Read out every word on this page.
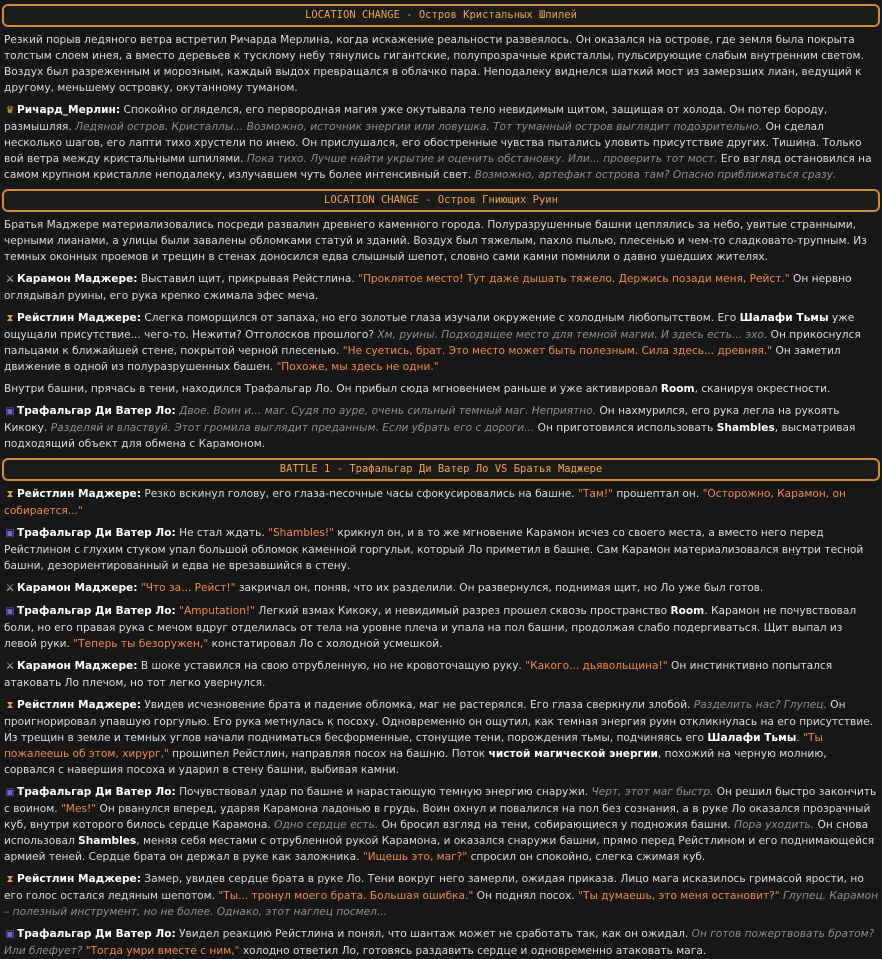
LOCATION CHANGE - Остров Кристальных Шпилей
Резкий порыв ледяного ветра встретил Ричарда Мерлина, когда искажение реальности развеялось. Он оказался на острове, где земля была покрыта толстым слоем инея, а вместо деревьев к тусклому небу тянулись гигантские, полупрозрачные кристаллы, пульсирующие слабым внутренним светом. Воздух был разреженным и морозным, каждый выдох превращался в облачко пара. Неподалеку виднелся шаткий мост из замерзших лиан, ведущий к другому, меньшему островку, окутанному туманом.
♛ Ричард_Мерлин: Спокойно огляделся, его первородная магия уже окутывала тело невидимым щитом, защищая от холода. Он потер бороду, размышляя. Ледяной остров. Кристаллы... Возможно, источник энергии или ловушка. Тот туманный остров выглядит подозрительно. Он сделал несколько шагов, его лапти тихо хрустели по инею. Он прислушался, его обостренные чувства пытались уловить присутствие других. Тишина. Только вой ветра между кристальными шпилями. Пока тихо. Лучше найти укрытие и оценить обстановку. Или... проверить тот мост. Его взгляд остановился на самом крупном кристалле неподалеку, излучавшем чуть более интенсивный свет. Возможно, артефакт острова там? Опасно приближаться сразу.
LOCATION CHANGE - Остров Гниющих Руин
Братья Маджере материализовались посреди развалин древнего каменного города. Полуразрушенные башни цеплялись за небо, увитые странными, черными лианами, а улицы были завалены обломками статуй и зданий. Воздух был тяжелым, пахло пылью, плесенью и чем-то сладковато-трупным. Из темных оконных проемов и трещин в стенах доносился едва слышный шепот, словно сами камни помнили о давно ушедших жителях.
⚔ Карамон Маджере: Выставил щит, прикрывая Рейстлина. "Проклятое место! Тут даже дышать тяжело. Держись позади меня, Рейст." Он нервно оглядывал руины, его рука крепко сжимала эфес меча.
⧗ Рейстлин Маджере: Слегка поморщился от запаха, но его золотые глаза изучали окружение с холодным любопытством. Его Шалафи Тьмы уже ощущали присутствие... чего-то. Нежити? Отголосков прошлого? Хм, руины. Подходящее место для темной магии. И здесь есть... эхо. Он прикоснулся пальцами к ближайшей стене, покрытой черной плесенью. "Не суетись, брат. Это место может быть полезным. Сила здесь... древняя." Он заметил движение в одной из полуразрушенных башен. "Похоже, мы здесь не одни."
Внутри башни, прячась в тени, находился Трафальгар Ло. Он прибыл сюда мгновением раньше и уже активировал Room, сканируя окрестности.
▣ Трафальгар Ди Ватер Ло: Двое. Воин и... маг. Судя по ауре, очень сильный темный маг. Неприятно. Он нахмурился, его рука легла на рукоять Кикоку. Разделяй и властвуй. Этот громила выглядит преданным. Если убрать его с дороги... Он приготовился использовать Shambles, высматривая подходящий объект для обмена с Карамоном.
BATTLE 1 - Трафальгар Ди Ватер Ло VS Братья Маджере
⧗ Рейстлин Маджере: Резко вскинул голову, его глаза-песочные часы сфокусировались на башне. "Там!" прошептал он. "Осторожно, Карамон, он собирается..."
▣ Трафальгар Ди Ватер Ло: Не стал ждать. "Shambles!" крикнул он, и в то же мгновение Карамон исчез со своего места, а вместо него перед Рейстлином с глухим стуком упал большой обломок каменной горгульи, который Ло приметил в башне. Сам Карамон материализовался внутри тесной башни, дезориентированный и едва не врезавшийся в стену.
⚔ Карамон Маджере: "Что за... Рейст!" закричал он, поняв, что их разделили. Он развернулся, поднимая щит, но Ло уже был готов.
▣ Трафальгар Ди Ватер Ло: "Amputation!" Легкий взмах Кикоку, и невидимый разрез прошел сквозь пространство Room. Карамон не почувствовал боли, но его правая рука с мечом вдруг отделилась от тела на уровне плеча и упала на пол башни, продолжая слабо подергиваться. Щит выпал из левой руки. "Теперь ты безоружен," констатировал Ло с холодной усмешкой.
⚔ Карамон Маджере: В шоке уставился на свою отрубленную, но не кровоточащую руку. "Какого... дьявольщина!" Он инстинктивно попытался атаковать Ло плечом, но тот легко увернулся.
⧗ Рейстлин Маджере: Увидев исчезновение брата и падение обломка, маг не растерялся. Его глаза сверкнули злобой. Разделить нас? Глупец. Он проигнорировал упавшую горгулью. Его рука метнулась к посоху. Одновременно он ощутил, как темная энергия руин откликнулась на его присутствие. Из трещин в земле и темных углов начали подниматься бесформенные, стонущие тени, порождения тьмы, подчиняясь его Шалафи Тьмы. "Ты пожалеешь об этом, хирург," прошипел Рейстлин, направляя посох на башню. Поток чистой магической энергии, похожий на черную молнию, сорвался с навершия посоха и ударил в стену башни, выбивая камни.
▣ Трафальгар Ди Ватер Ло: Почувствовал удар по башне и нарастающую темную энергию снаружи. Черт, этот маг быстр. Он решил быстро закончить с воином. "Mes!" Он рванулся вперед, ударяя Карамона ладонью в грудь. Воин охнул и повалился на пол без сознания, а в руке Ло оказался прозрачный куб, внутри которого билось сердце Карамона. Одно сердце есть. Он бросил взгляд на тени, собирающиеся у подножия башни. Пора уходить. Он снова использовал Shambles, меняя себя местами с отрубленной рукой Карамона, и оказался снаружи башни, прямо перед Рейстлином и его поднимающейся армией теней. Сердце брата он держал в руке как заложника. "Ищешь это, маг?" спросил он спокойно, слегка сжимая куб.
⧗ Рейстлин Маджере: Замер, увидев сердце брата в руке Ло. Тени вокруг него замерли, ожидая приказа. Лицо мага исказилось гримасой ярости, но его голос остался ледяным шепотом. "Ты... тронул моего брата. Большая ошибка." Он поднял посох. "Ты думаешь, это меня остановит?" Глупец. Карамон – полезный инструмент, но не более. Однако, этот наглец посмел...
▣ Трафальгар Ди Ватер Ло: Увидел реакцию Рейстлина и понял, что шантаж может не сработать так, как он ожидал. Он готов пожертвовать братом? Или блефует? "Тогда умри вместе с ним," холодно ответил Ло, готовясь раздавить сердце и одновременно атаковать мага.
